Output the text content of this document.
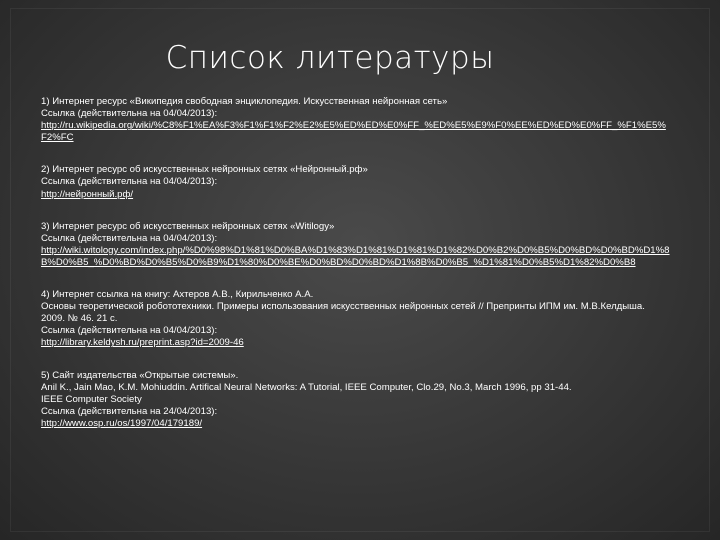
Список литературы
1) Интернет ресурс «Википедия свободная энциклопедия. Искусственная нейронная сеть»
Ссылка (действительна на 04/04/2013):
http://ru.wikipedia.org/wiki/%C8%F1%EA%F3%F1%F1%F2%E2%E5%ED%ED%E0%FF_%ED%E5%E9%F0%EE%ED%ED%E0%FF_%F1%E5%F2%FC
2) Интернет ресурс об искусственных нейронных сетях «Нейронный.рф»
Ссылка (действительна на 04/04/2013):
http://нейронный.рф/
3) Интернет ресурс об искусственных нейронных сетях «Witilogy»
Ссылка (действительна на 04/04/2013):
http://wiki.witology.com/index.php/%D0%98%D1%81%D0%BA%D1%83%D1%81%D1%81%D1%82%D0%B2%D0%B5%D0%BD%D0%BD%D1%8B%D0%B5_%D0%BD%D0%B5%D0%B9%D1%80%D0%BE%D0%BD%D0%BD%D1%8B%D0%B5_%D1%81%D0%B5%D1%82%D0%B8
4) Интернет ссылка на книгу: Ахтеров А.В., Кирильченко А.А.
Основы теоретической робототехники. Примеры использования искусственных нейронных сетей // Препринты ИПМ им. М.В.Келдыша. 2009. № 46. 21 с.
Ссылка (действительна на 04/04/2013):
http://library.keldysh.ru/preprint.asp?id=2009-46
5) Сайт издательства «Открытые системы».
Anil K., Jain Mao, K.M. Mohiuddin. Artifical Neural Networks: A Tutorial, IEEE Computer, Clo.29, No.3, March 1996, pp 31-44.
IEEE Computer Society
Ссылка (действительна на 24/04/2013):
http://www.osp.ru/os/1997/04/179189/
